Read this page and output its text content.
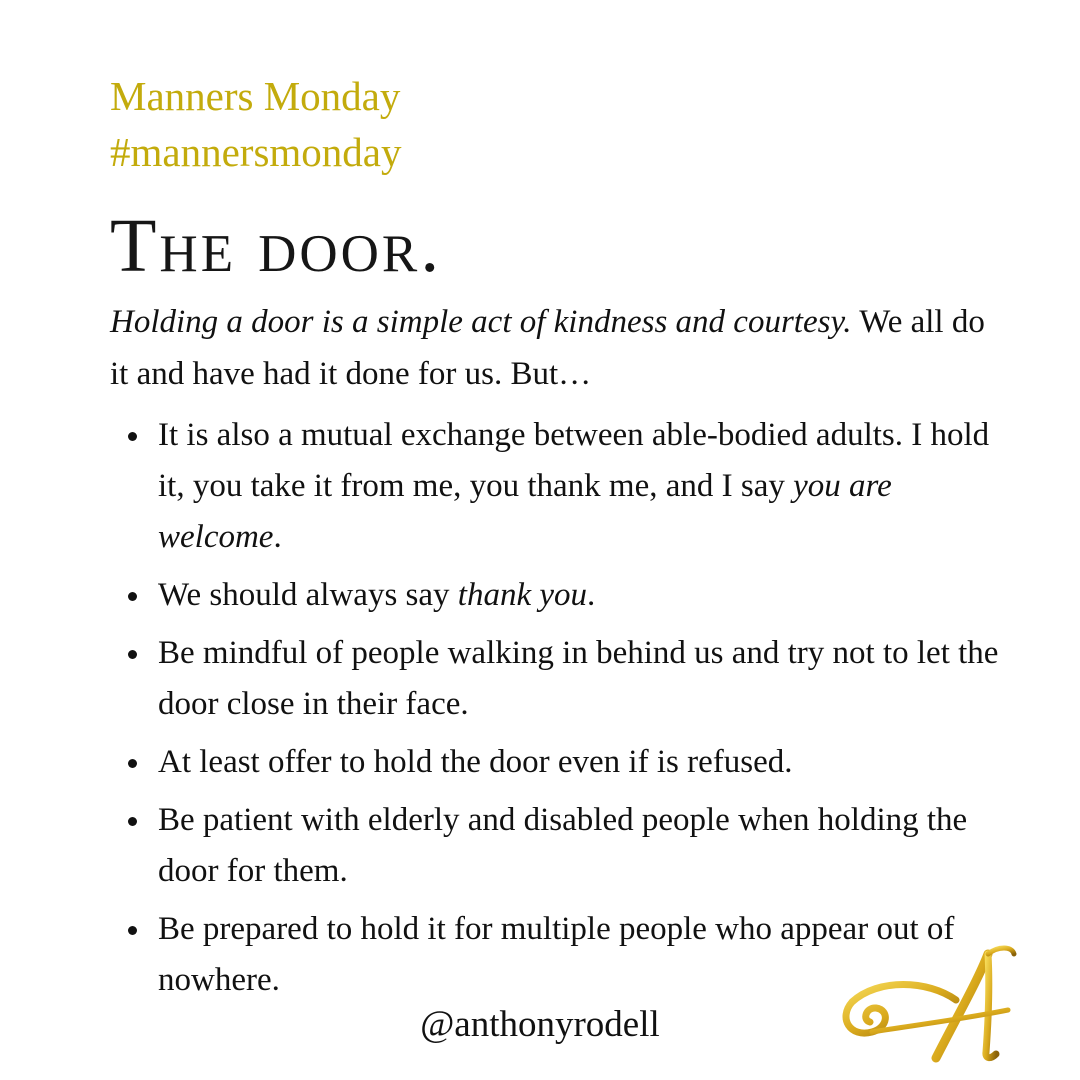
Manners Monday
#mannersmonday
The door.

Holding a door is a simple act of kindness and courtesy. We all do it and have had it done for us. But…

It is also a mutual exchange between able-bodied adults. I hold it, you take it from me, you thank me, and I say you are welcome.
We should always say thank you.
Be mindful of people walking in behind us and try not to let the door close in their face.
At least offer to hold the door even if is refused.
Be patient with elderly and disabled people when holding the door for them.
Be prepared to hold it for multiple people who appear out of nowhere.
@anthonyrodell
